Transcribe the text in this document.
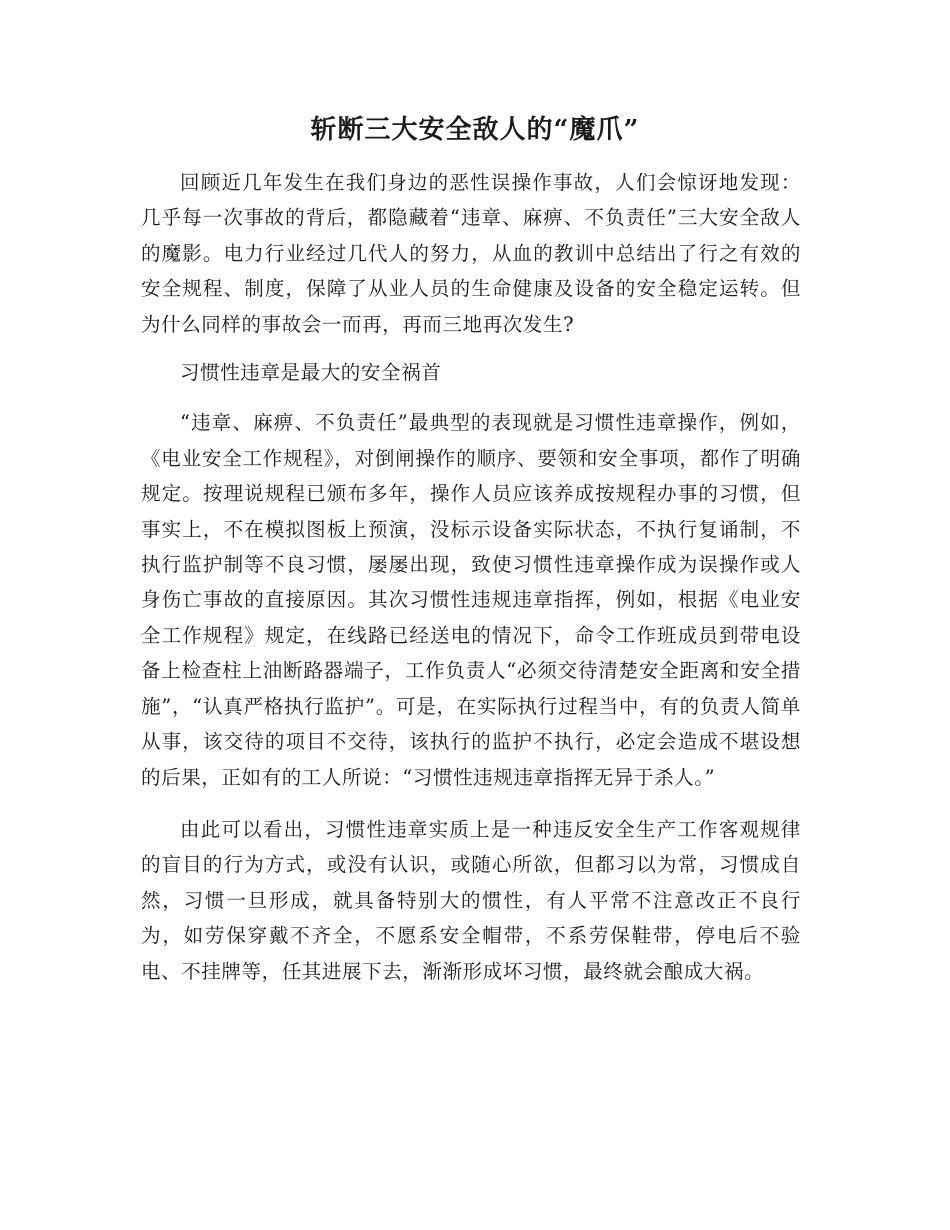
斩断三大安全敌人的“魔爪”

回顾近几年发生在我们身边的恶性误操作事故，人们会惊讶地发现：几乎每一次事故的背后，都隐藏着“违章、麻痹、不负责任”三大安全敌人的魔影。电力行业经过几代人的努力，从血的教训中总结出了行之有效的安全规程、制度，保障了从业人员的生命健康及设备的安全稳定运转。但为什么同样的事故会一而再，再而三地再次发生?

习惯性违章是最大的安全祸首

“违章、麻痹、不负责任”最典型的表现就是习惯性违章操作，例如，《电业安全工作规程》，对倒闸操作的顺序、要领和安全事项，都作了明确规定。按理说规程已颁布多年，操作人员应该养成按规程办事的习惯，但事实上，不在模拟图板上预演，没标示设备实际状态，不执行复诵制，不执行监护制等不良习惯，屡屡出现，致使习惯性违章操作成为误操作或人身伤亡事故的直接原因。其次习惯性违规违章指挥，例如，根据《电业安全工作规程》规定，在线路已经送电的情况下，命令工作班成员到带电设备上检查柱上油断路器端子，工作负责人“必须交待清楚安全距离和安全措施”，“认真严格执行监护”。可是，在实际执行过程当中，有的负责人简单从事，该交待的项目不交待，该执行的监护不执行，必定会造成不堪设想的后果，正如有的工人所说：“习惯性违规违章指挥无异于杀人。”

由此可以看出，习惯性违章实质上是一种违反安全生产工作客观规律的盲目的行为方式，或没有认识，或随心所欲，但都习以为常，习惯成自然，习惯一旦形成，就具备特别大的惯性，有人平常不注意改正不良行为，如劳保穿戴不齐全，不愿系安全帽带，不系劳保鞋带，停电后不验电、不挂牌等，任其进展下去，渐渐形成坏习惯，最终就会酿成大祸。
